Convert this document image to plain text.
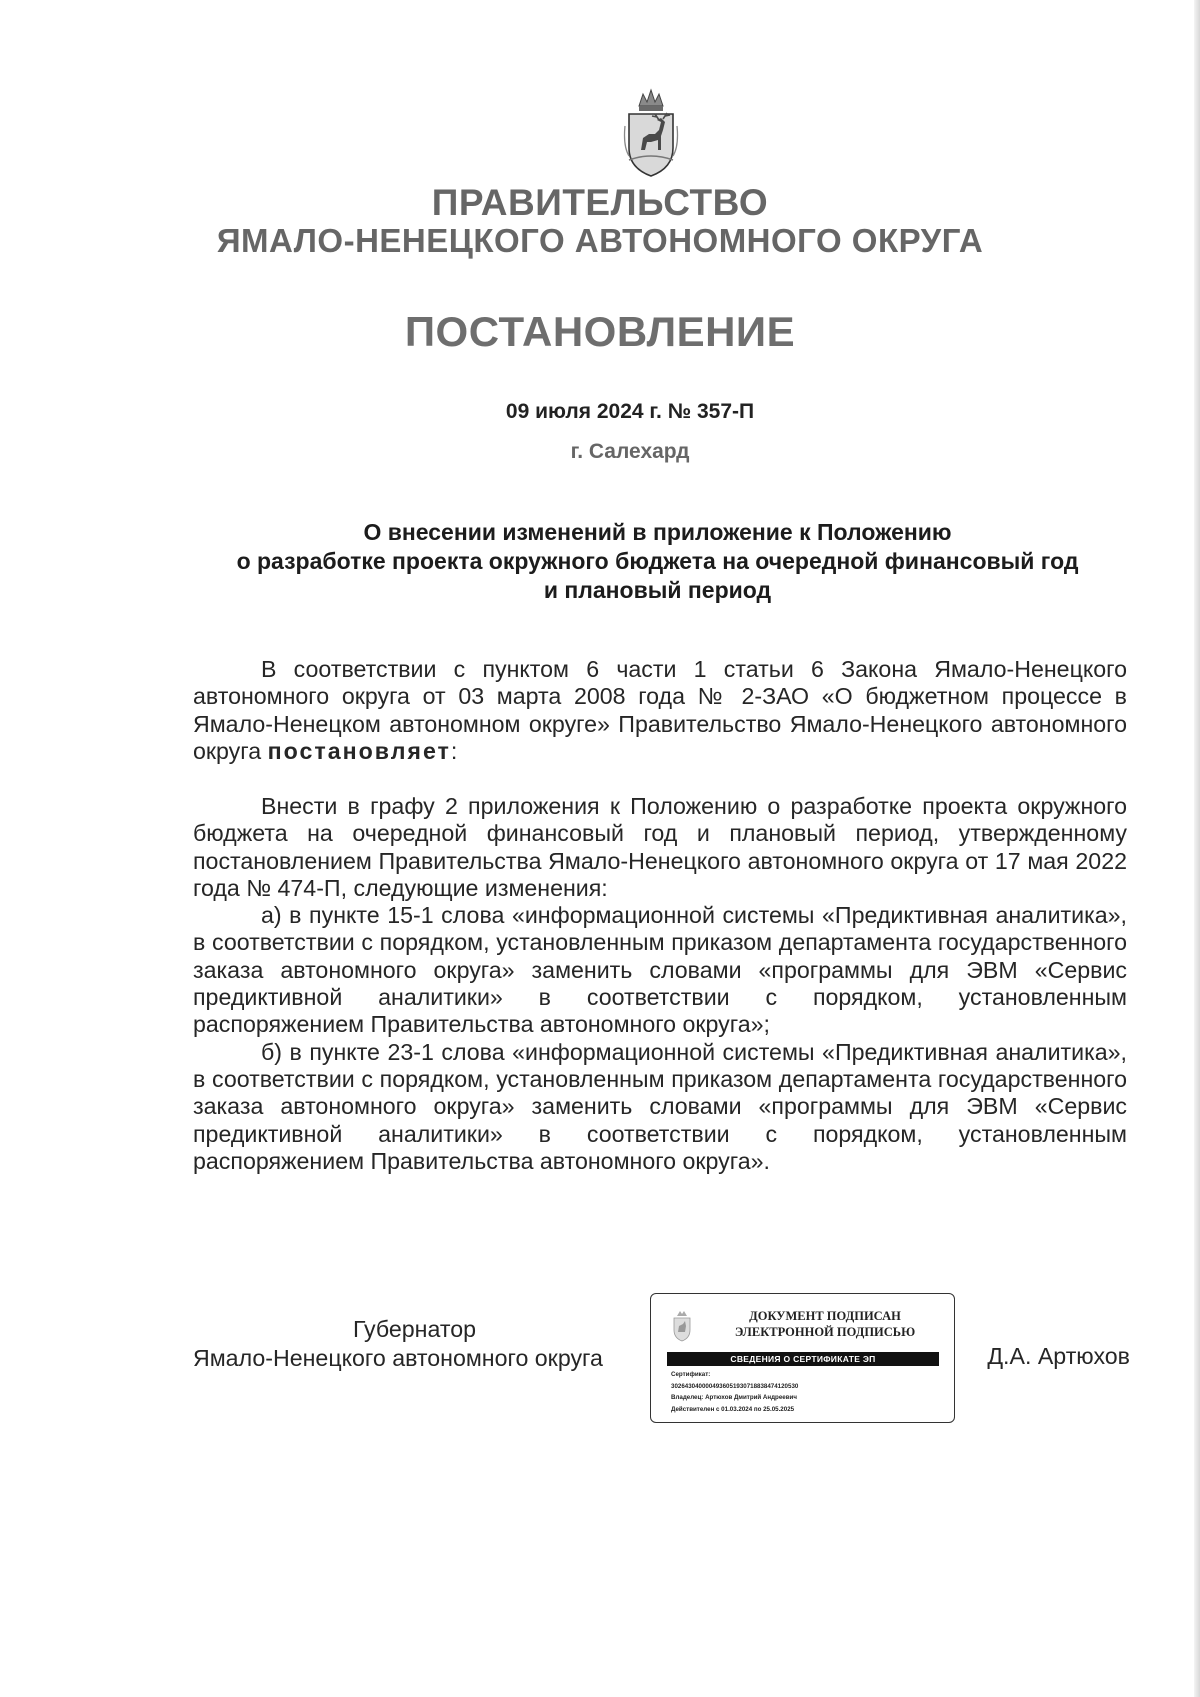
ПРАВИТЕЛЬСТВО
ЯМАЛО-НЕНЕЦКОГО АВТОНОМНОГО ОКРУГА
ПОСТАНОВЛЕНИЕ
09 июля 2024 г. № 357-П
г. Салехард
О внесении изменений в приложение к Положению
о разработке проекта окружного бюджета на очередной финансовый год
и плановый период

В соответствии с пунктом 6 части 1 статьи 6 Закона Ямало-Ненецкого автономного округа от 03 марта 2008 года № 2-ЗАО «О бюджетном процессе в Ямало-Ненецком автономном округе» Правительство Ямало-Ненецкого автономного округа постановляет:

Внести в графу 2 приложения к Положению о разработке проекта окружного бюджета на очередной финансовый год и плановый период, утвержденному постановлением Правительства Ямало-Ненецкого автономного округа от 17 мая 2022 года № 474-П, следующие изменения:

а) в пункте 15-1 слова «информационной системы «Предиктивная аналитика», в соответствии с порядком, установленным приказом департамента государственного заказа автономного округа» заменить словами «программы для ЭВМ «Сервис предиктивной аналитики» в соответствии с порядком, установленным распоряжением Правительства автономного округа»;

б) в пункте 23-1 слова «информационной системы «Предиктивная аналитика», в соответствии с порядком, установленным приказом департамента государственного заказа автономного округа» заменить словами «программы для ЭВМ «Сервис предиктивной аналитики» в соответствии с порядком, установленным распоряжением Правительства автономного округа».

Губернатор
Ямало-Ненецкого автономного округа
ДОКУМЕНТ ПОДПИСАН
ЭЛЕКТРОННОЙ ПОДПИСЬЮ
СВЕДЕНИЯ О СЕРТИФИКАТЕ ЭП
Сертификат:
3026430400004936051930718838474120530
Владелец: Артюхов Дмитрий Андреевич
Действителен с 01.03.2024 по 25.05.2025
Д.А. Артюхов
